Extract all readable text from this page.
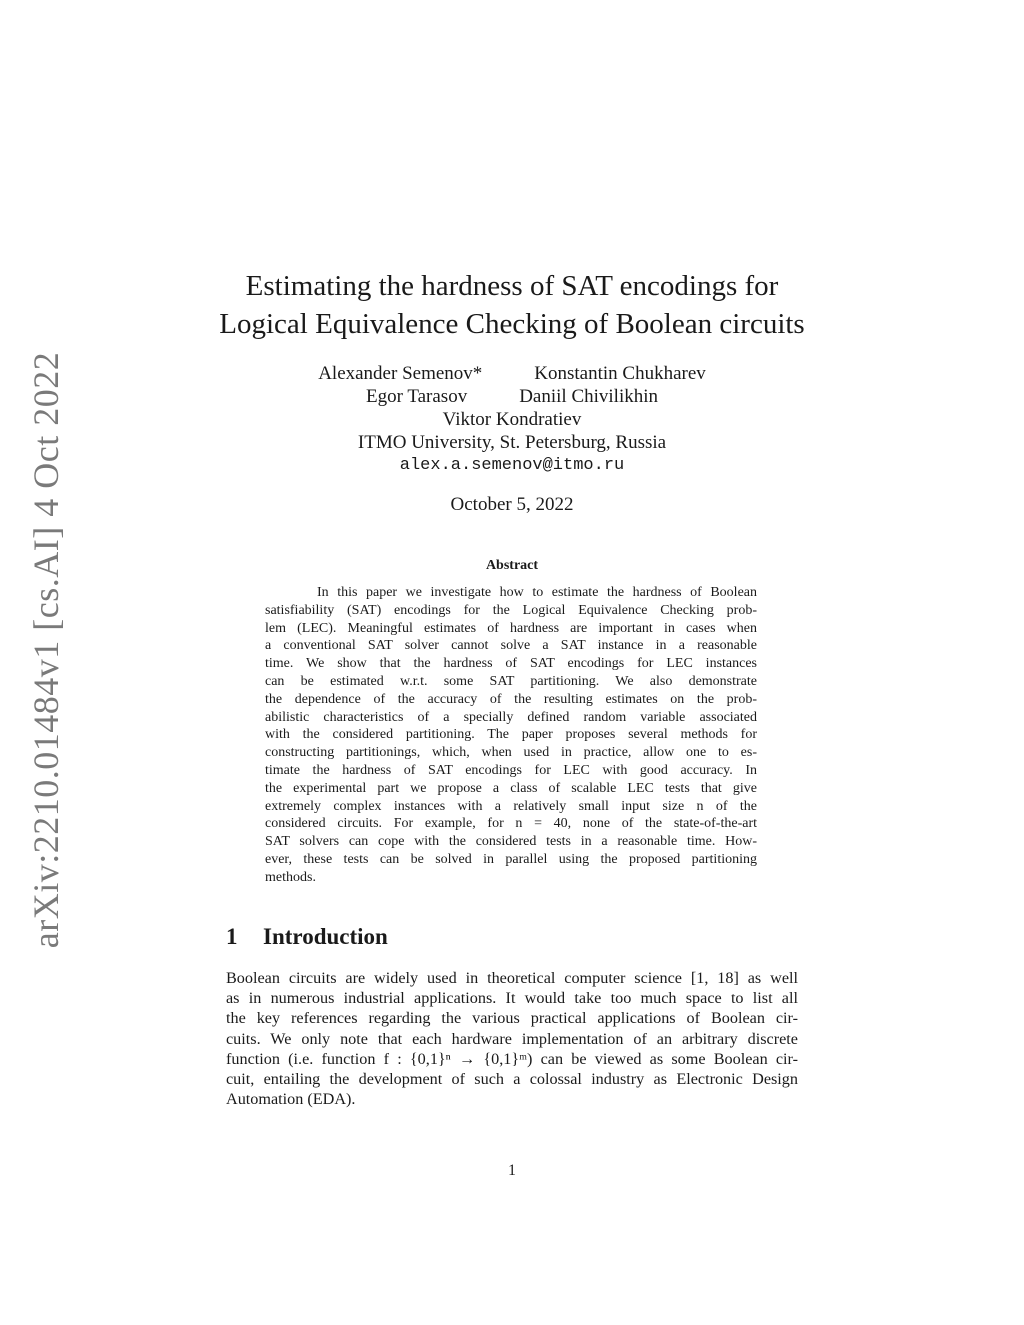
arXiv:2210.01484v1 [cs.AI] 4 Oct 2022
Estimating the hardness of SAT encodings for
Logical Equivalence Checking of Boolean circuits
Alexander Semenov*	Konstantin Chukharev
Egor Tarasov	Daniil Chivilikhin
Viktor Kondratiev
ITMO University, St. Petersburg, Russia
alex.a.semenov@itmo.ru
October 5, 2022
Abstract
In this paper we investigate how to estimate the hardness of Boolean
satisfiability (SAT) encodings for the Logical Equivalence Checking prob-
lem (LEC). Meaningful estimates of hardness are important in cases when
a conventional SAT solver cannot solve a SAT instance in a reasonable
time. We show that the hardness of SAT encodings for LEC instances
can be estimated w.r.t. some SAT partitioning. We also demonstrate
the dependence of the accuracy of the resulting estimates on the prob-
abilistic characteristics of a specially defined random variable associated
with the considered partitioning. The paper proposes several methods for
constructing partitionings, which, when used in practice, allow one to es-
timate the hardness of SAT encodings for LEC with good accuracy. In
the experimental part we propose a class of scalable LEC tests that give
extremely complex instances with a relatively small input size n of the
considered circuits. For example, for n = 40, none of the state-of-the-art
SAT solvers can cope with the considered tests in a reasonable time. How-
ever, these tests can be solved in parallel using the proposed partitioning
methods.
1 Introduction
Boolean circuits are widely used in theoretical computer science [1, 18] as well
as in numerous industrial applications. It would take too much space to list all
the key references regarding the various practical applications of Boolean cir-
cuits. We only note that each hardware implementation of an arbitrary discrete
function (i.e. function f : {0,1}ⁿ → {0,1}ᵐ) can be viewed as some Boolean cir-
cuit, entailing the development of such a colossal industry as Electronic Design
Automation (EDA).
1
